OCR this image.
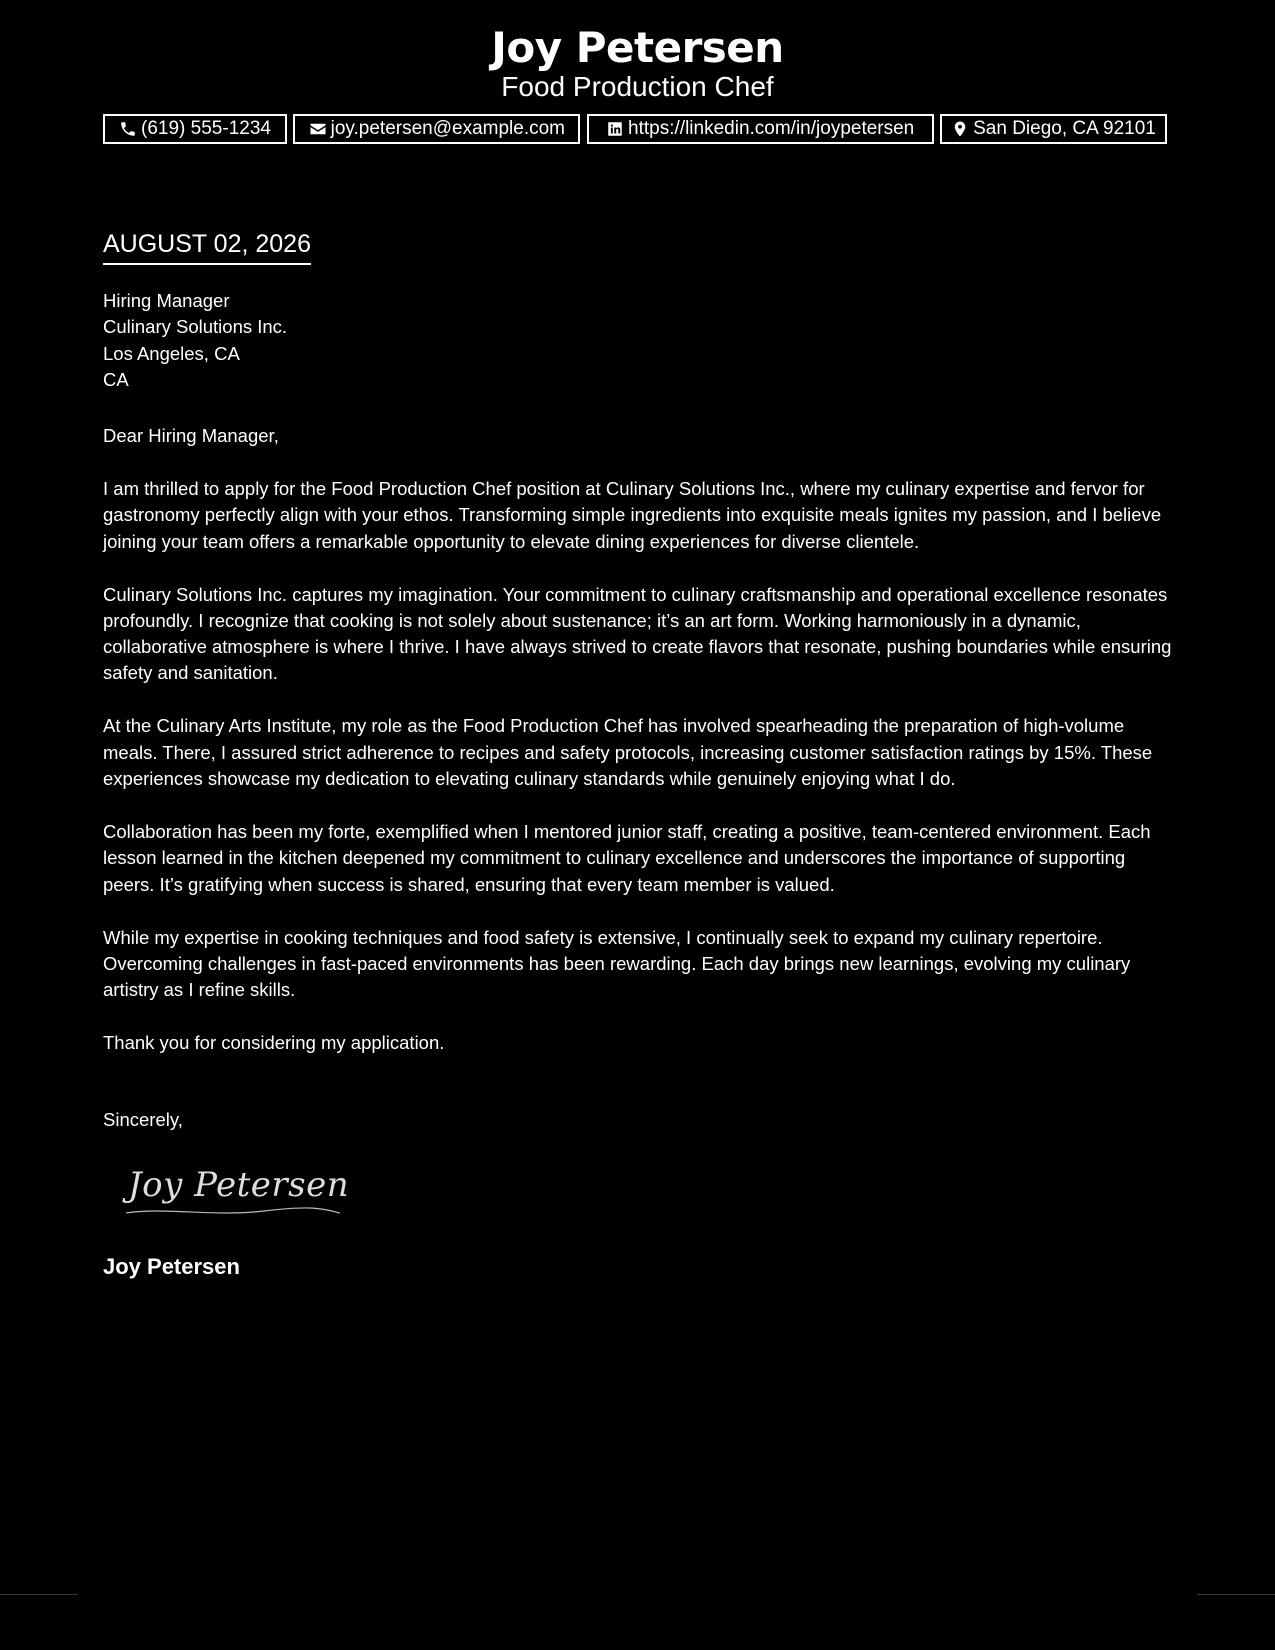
Joy Petersen
Food Production Chef
(619) 555-1234	joy.petersen@example.com	https://linkedin.com/in/joypetersen	San Diego, CA 92101
AUGUST 02, 2026
Hiring Manager
Culinary Solutions Inc.
Los Angeles, CA
CA
Dear Hiring Manager,

I am thrilled to apply for the Food Production Chef position at Culinary Solutions Inc., where my culinary expertise and fervor for gastronomy perfectly align with your ethos. Transforming simple ingredients into exquisite meals ignites my passion, and I believe joining your team offers a remarkable opportunity to elevate dining experiences for diverse clientele.

Culinary Solutions Inc. captures my imagination. Your commitment to culinary craftsmanship and operational excellence resonates profoundly. I recognize that cooking is not solely about sustenance; it’s an art form. Working harmoniously in a dynamic, collaborative atmosphere is where I thrive. I have always strived to create flavors that resonate, pushing boundaries while ensuring safety and sanitation.

At the Culinary Arts Institute, my role as the Food Production Chef has involved spearheading the preparation of high-volume meals. There, I assured strict adherence to recipes and safety protocols, increasing customer satisfaction ratings by 15%. These experiences showcase my dedication to elevating culinary standards while genuinely enjoying what I do.

Collaboration has been my forte, exemplified when I mentored junior staff, creating a positive, team-centered environment. Each lesson learned in the kitchen deepened my commitment to culinary excellence and underscores the importance of supporting peers. It’s gratifying when success is shared, ensuring that every team member is valued.

While my expertise in cooking techniques and food safety is extensive, I continually seek to expand my culinary repertoire. Overcoming challenges in fast-paced environments has been rewarding. Each day brings new learnings, evolving my culinary artistry as I refine skills.

Thank you for considering my application.

Sincerely,
Joy Petersen
Joy Petersen
